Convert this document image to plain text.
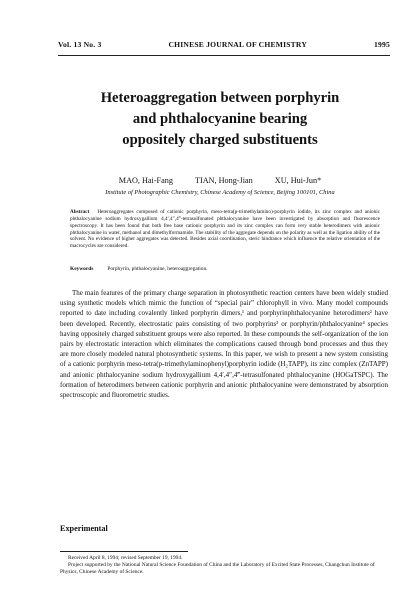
Vol. 13 No. 3	CHINESE JOURNAL OF CHEMISTRY	1995
Heteroaggregation between porphyrin
and phthalocyanine bearing
oppositely charged substituents
MAO, Hai-Fang	TIAN, Hong-Jian	XU, Hui-Jun*
Institute of Photographic Chemistry, Chinese Academy of Science, Beijing 100101, China
Abstract Heteroaggregates composed of cationic porphyrin, meso-tetra(p-trimethylamino)-porphyrin iodide, its zinc complex and anionic phthalocyanine sodium hydroxygallium 4,4′,4″,4‴-tetrasulfonated phthalocyanine have been investigated by absorption and fluorescence spectroscopy. It has been found that both free base cationic porphyrin and its zinc complex can form very stable heterodimers with anionic phthalocyanine in water, methanol and dimethylformamide. The stability of the aggregate depends on the polarity as well as the ligation ability of the solvent. No evidence of higher aggregates was detected. Besides axial coordination, steric hindrance which influence the relative orientation of the macrocycles are considered.
Keywords	Porphyrin, phthalocyanine, heteroaggregation.

The main features of the primary charge separation in photosynthetic reaction centers have been widely studied using synthetic models which mimic the function of “special pair” chlorophyll in vivo. Many model compounds reported to date including covalently linked porphyrin dimers,¹ and porphyrinphthalocyanine heterodimers² have been developed. Recently, electrostatic pairs consisting of two porphyrins³ or porphyrin/phthalocyanine⁴ species having oppositely charged substituent groups were also reported. In these compounds the self-organization of the ion pairs by electrostatic interaction which eliminates the complications caused through bond processes and thus they are more closely modeled natural photosynthetic systems. In this paper, we wish to present a new system consisting of a cationic porphyrin meso-tetra(p-trimethylaminophenyl)porphyrin iodide (H₂TAPP), its zinc complex (ZnTAPP) and anionic phthalocyanine sodium hydroxygallium 4,4′,4″,4‴-tetrasulfonated phthalocyanine (HOGaTSPC). The formation of heterodimers between cationic porphyrin and anionic phthalocyanine were demonstrated by absorption spectroscopic and fluorometric studies.

Experimental
Received April 8, 1994; revised September 19, 1994.
Project supported by the National Natural Science Foundation of China and the Laboratory of Excited State Processes, Changchun Institute of Physics, Chinese Academy of Science.
